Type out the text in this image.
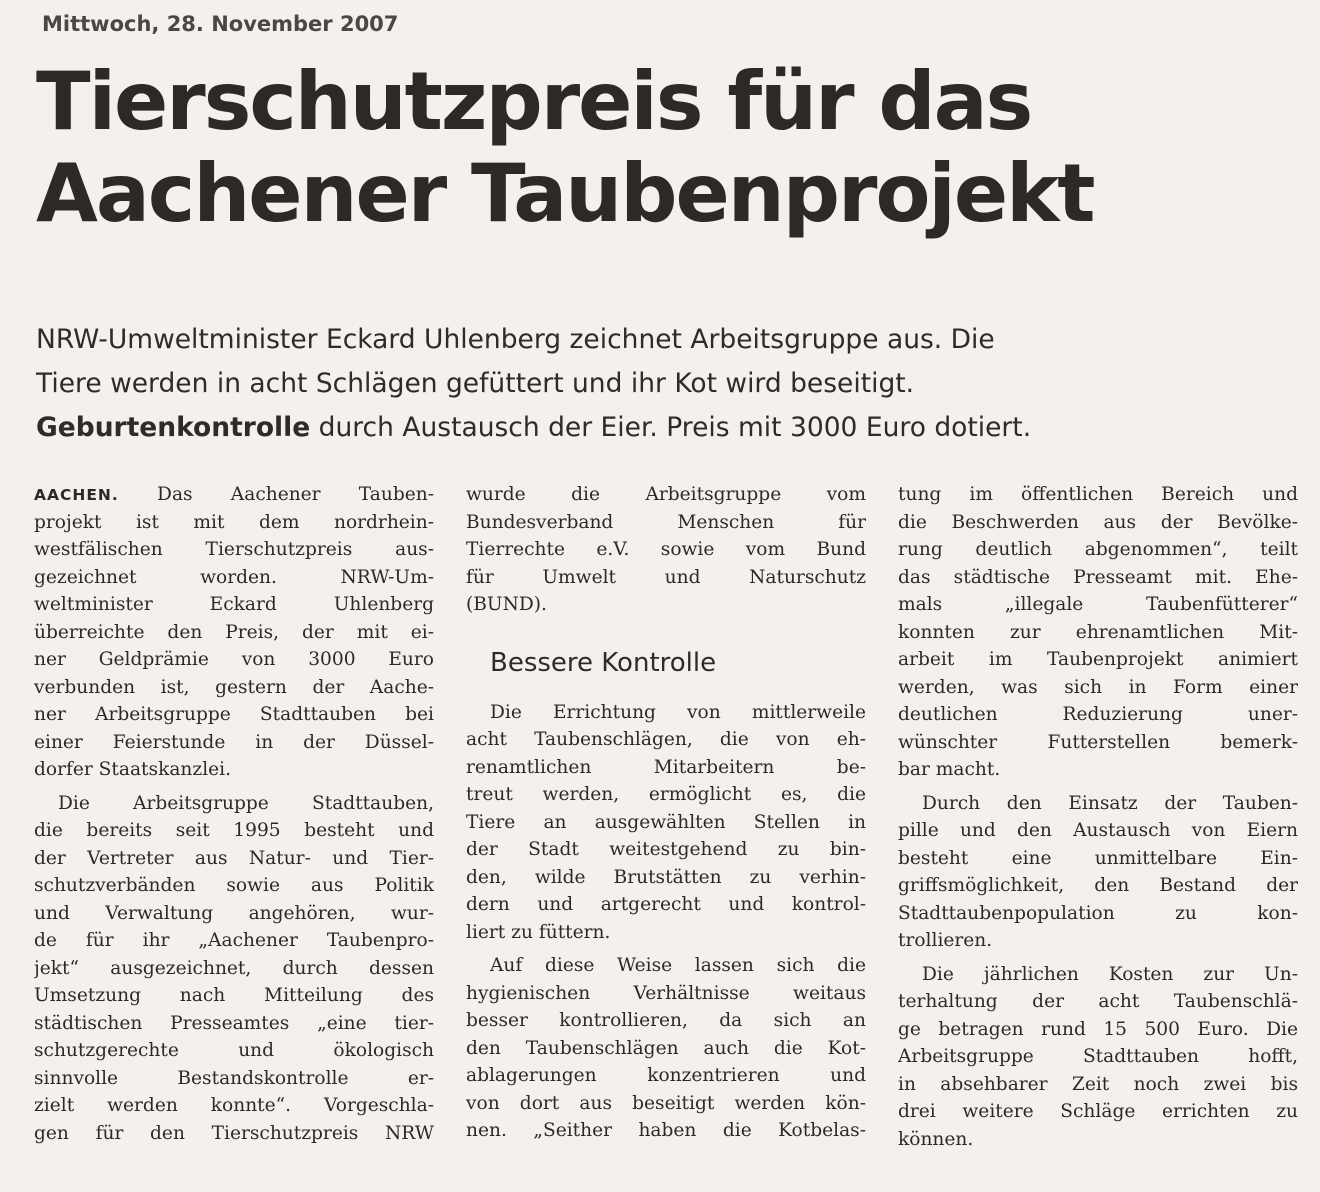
Mittwoch, 28. November 2007
Tierschutzpreis für das
Aachener Taubenprojekt
NRW-Umweltminister Eckard Uhlenberg zeichnet Arbeitsgruppe aus. Die
Tiere werden in acht Schlägen gefüttert und ihr Kot wird beseitigt.
Geburtenkontrolle durch Austausch der Eier. Preis mit 3000 Euro dotiert.
AACHEN. Das Aachener Tauben-
projekt ist mit dem nordrhein-
westfälischen Tierschutzpreis aus-
gezeichnet worden. NRW-Um-
weltminister Eckard Uhlenberg
überreichte den Preis, der mit ei-
ner Geldprämie von 3000 Euro
verbunden ist, gestern der Aache-
ner Arbeitsgruppe Stadttauben bei
einer Feierstunde in der Düssel-
dorfer Staatskanzlei.
Die Arbeitsgruppe Stadttauben,
die bereits seit 1995 besteht und
der Vertreter aus Natur- und Tier-
schutzverbänden sowie aus Politik
und Verwaltung angehören, wur-
de für ihr „Aachener Taubenpro-
jekt“ ausgezeichnet, durch dessen
Umsetzung nach Mitteilung des
städtischen Presseamtes „eine tier-
schutzgerechte und ökologisch
sinnvolle Bestandskontrolle er-
zielt werden konnte“. Vorgeschla-
gen für den Tierschutzpreis NRW
wurde die Arbeitsgruppe vom
Bundesverband Menschen für
Tierrechte e.V. sowie vom Bund
für Umwelt und Naturschutz
(BUND).
Bessere Kontrolle
Die Errichtung von mittlerweile
acht Taubenschlägen, die von eh-
renamtlichen Mitarbeitern be-
treut werden, ermöglicht es, die
Tiere an ausgewählten Stellen in
der Stadt weitestgehend zu bin-
den, wilde Brutstätten zu verhin-
dern und artgerecht und kontrol-
liert zu füttern.
Auf diese Weise lassen sich die
hygienischen Verhältnisse weitaus
besser kontrollieren, da sich an
den Taubenschlägen auch die Kot-
ablagerungen konzentrieren und
von dort aus beseitigt werden kön-
nen. „Seither haben die Kotbelas-
tung im öffentlichen Bereich und
die Beschwerden aus der Bevölke-
rung deutlich abgenommen“, teilt
das städtische Presseamt mit. Ehe-
mals „illegale Taubenfütterer“
konnten zur ehrenamtlichen Mit-
arbeit im Taubenprojekt animiert
werden, was sich in Form einer
deutlichen Reduzierung uner-
wünschter Futterstellen bemerk-
bar macht.
Durch den Einsatz der Tauben-
pille und den Austausch von Eiern
besteht eine unmittelbare Ein-
griffsmöglichkeit, den Bestand der
Stadttaubenpopulation zu kon-
trollieren.
Die jährlichen Kosten zur Un-
terhaltung der acht Taubenschlä-
ge betragen rund 15 500 Euro. Die
Arbeitsgruppe Stadttauben hofft,
in absehbarer Zeit noch zwei bis
drei weitere Schläge errichten zu
können.
